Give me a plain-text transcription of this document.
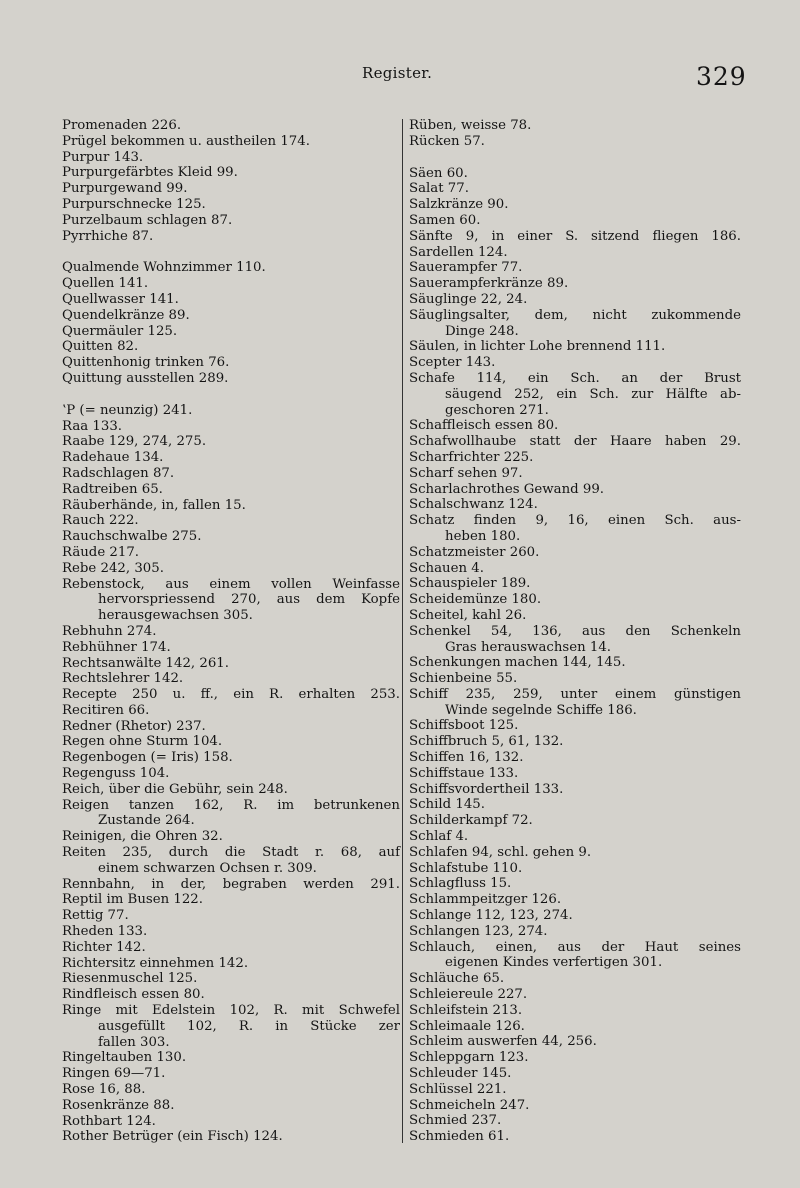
Register.	329
Promenaden 226.
Prügel bekommen u. austheilen 174.
Purpur 143.
Purpurgefärbtes Kleid 99.
Purpurgewand 99.
Purpurschnecke 125.
Purzelbaum schlagen 87.
Pyrrhiche 87.
Qualmende Wohnzimmer 110.
Quellen 141.
Quellwasser 141.
Quendelkränze 89.
Quermäuler 125.
Quitten 82.
Quittenhonig trinken 76.
Quittung ausstellen 289.
ʽP (= neunzig) 241.
Raa 133.
Raabe 129, 274, 275.
Radehaue 134.
Radschlagen 87.
Radtreiben 65.
Räuberhände, in, fallen 15.
Rauch 222.
Rauchschwalbe 275.
Räude 217.
Rebe 242, 305.
Rebenstock, aus einem vollen Weinfasse
hervorspriessend 270, aus dem Kopfe
herausgewachsen 305.
Rebhuhn 274.
Rebhühner 174.
Rechtsanwälte 142, 261.
Rechtslehrer 142.
Recepte 250 u. ff., ein R. erhalten 253.
Recitiren 66.
Redner (Rhetor) 237.
Regen ohne Sturm 104.
Regenbogen (= Iris) 158.
Regenguss 104.
Reich, über die Gebühr, sein 248.
Reigen tanzen 162, R. im betrunkenen
Zustande 264.
Reinigen, die Ohren 32.
Reiten 235, durch die Stadt r. 68, auf
einem schwarzen Ochsen r. 309.
Rennbahn, in der, begraben werden 291.
Reptil im Busen 122.
Rettig 77.
Rheden 133.
Richter 142.
Richtersitz einnehmen 142.
Riesenmuschel 125.
Rindfleisch essen 80.
Ringe mit Edelstein 102, R. mit Schwefel
ausgefüllt 102, R. in Stücke zer
fallen 303.
Ringeltauben 130.
Ringen 69—71.
Rose 16, 88.
Rosenkränze 88.
Rothbart 124.
Rother Betrüger (ein Fisch) 124.
Rüben, weisse 78.
Rücken 57.
Säen 60.
Salat 77.
Salzkränze 90.
Samen 60.
Sänfte 9, in einer S. sitzend fliegen 186.
Sardellen 124.
Sauerampfer 77.
Sauerampferkränze 89.
Säuglinge 22, 24.
Säuglingsalter, dem, nicht zukommende
Dinge 248.
Säulen, in lichter Lohe brennend 111.
Scepter 143.
Schafe 114, ein Sch. an der Brust
säugend 252, ein Sch. zur Hälfte ab-
geschoren 271.
Schaffleisch essen 80.
Schafwollhaube statt der Haare haben 29.
Scharfrichter 225.
Scharf sehen 97.
Scharlachrothes Gewand 99.
Schalschwanz 124.
Schatz finden 9, 16, einen Sch. aus-
heben 180.
Schatzmeister 260.
Schauen 4.
Schauspieler 189.
Scheidemünze 180.
Scheitel, kahl 26.
Schenkel 54, 136, aus den Schenkeln
Gras herauswachsen 14.
Schenkungen machen 144, 145.
Schienbeine 55.
Schiff 235, 259, unter einem günstigen
Winde segelnde Schiffe 186.
Schiffsboot 125.
Schiffbruch 5, 61, 132.
Schiffen 16, 132.
Schiffstaue 133.
Schiffsvordertheil 133.
Schild 145.
Schilderkampf 72.
Schlaf 4.
Schlafen 94, schl. gehen 9.
Schlafstube 110.
Schlagfluss 15.
Schlammpeitzger 126.
Schlange 112, 123, 274.
Schlangen 123, 274.
Schlauch, einen, aus der Haut seines
eigenen Kindes verfertigen 301.
Schläuche 65.
Schleiereule 227.
Schleifstein 213.
Schleimaale 126.
Schleim auswerfen 44, 256.
Schleppgarn 123.
Schleuder 145.
Schlüssel 221.
Schmeicheln 247.
Schmied 237.
Schmieden 61.
